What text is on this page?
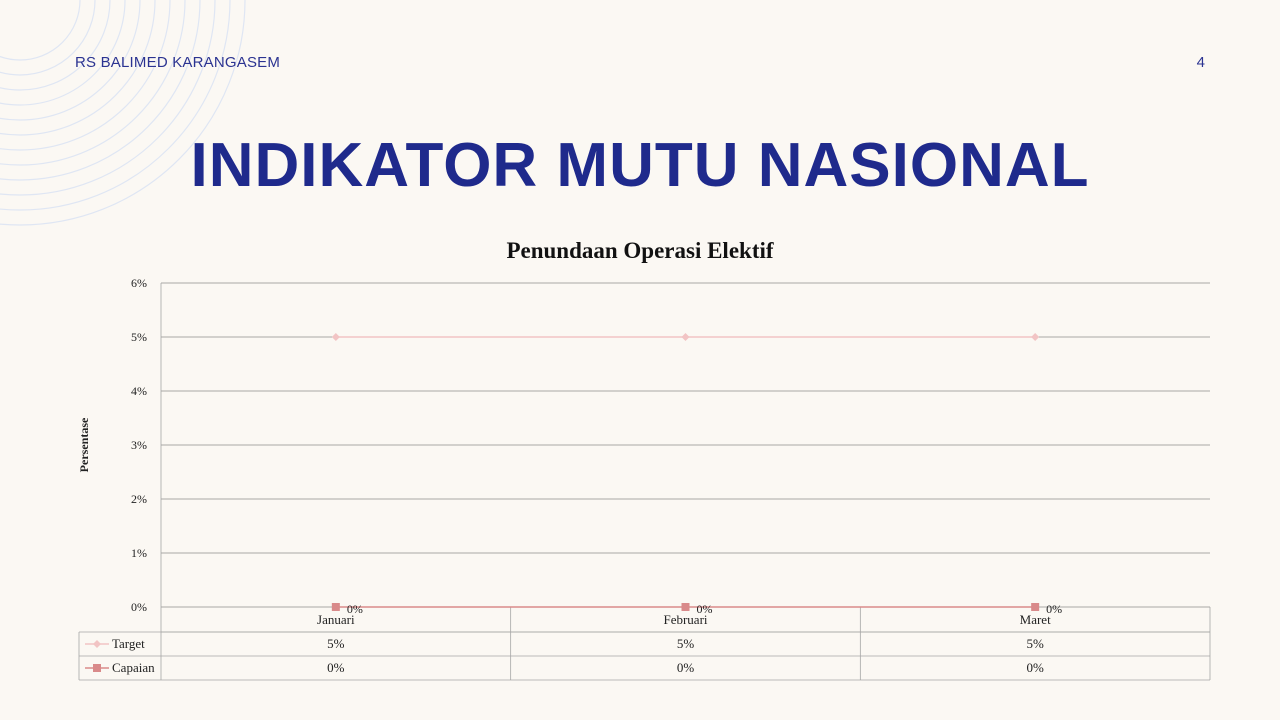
RS BALIMED KARANGASEM	4
INDIKATOR MUTU NASIONAL
Penundaan Operasi Elektif
Persentase
0%
1%
2%
3%
4%
5%
6%
Januari	Februari	Maret
0%	0%	0%
Target	5%	5%	5%
Capaian	0%	0%	0%
